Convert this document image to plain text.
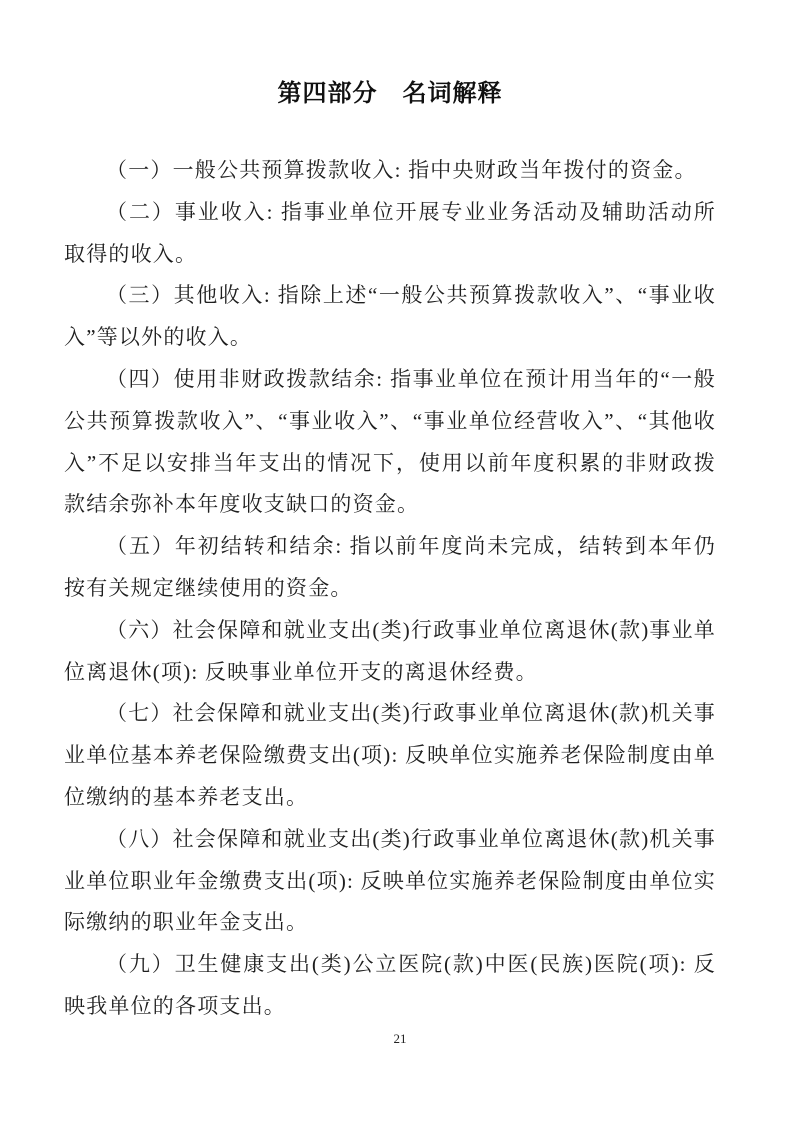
第四部分　名词解释

（一）一般公共预算拨款收入: 指中央财政当年拨付的资金。

（二）事业收入: 指事业单位开展专业业务活动及辅助活动所取得的收入。

（三）其他收入: 指除上述“一般公共预算拨款收入”、“事业收入”等以外的收入。

（四）使用非财政拨款结余: 指事业单位在预计用当年的“一般公共预算拨款收入”、“事业收入”、“事业单位经营收入”、“其他收入”不足以安排当年支出的情况下，使用以前年度积累的非财政拨款结余弥补本年度收支缺口的资金。

（五）年初结转和结余: 指以前年度尚未完成，结转到本年仍按有关规定继续使用的资金。

（六）社会保障和就业支出(类)行政事业单位离退休(款)事业单位离退休(项): 反映事业单位开支的离退休经费。

（七）社会保障和就业支出(类)行政事业单位离退休(款)机关事业单位基本养老保险缴费支出(项): 反映单位实施养老保险制度由单位缴纳的基本养老支出。

（八）社会保障和就业支出(类)行政事业单位离退休(款)机关事业单位职业年金缴费支出(项): 反映单位实施养老保险制度由单位实际缴纳的职业年金支出。

（九）卫生健康支出(类)公立医院(款)中医(民族)医院(项): 反映我单位的各项支出。

21
